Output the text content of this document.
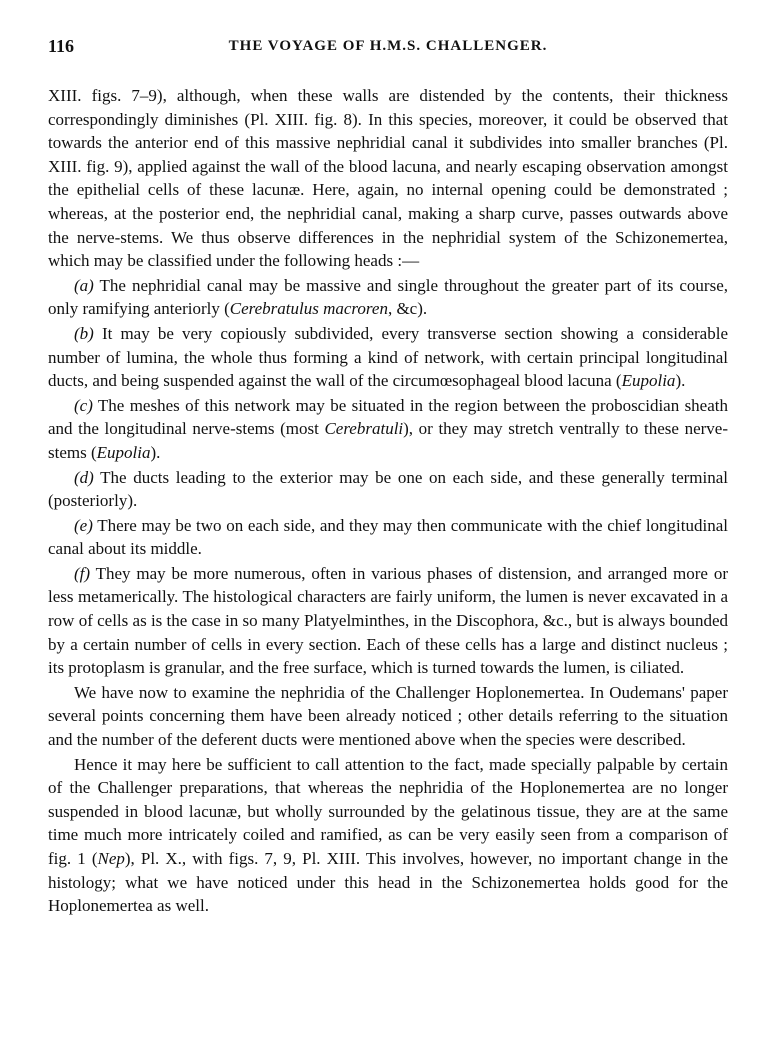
116	THE VOYAGE OF H.M.S. CHALLENGER.

XIII. figs. 7–9), although, when these walls are distended by the contents, their thickness correspondingly diminishes (Pl. XIII. fig. 8). In this species, moreover, it could be observed that towards the anterior end of this massive nephridial canal it subdivides into smaller branches (Pl. XIII. fig. 9), applied against the wall of the blood lacuna, and nearly escaping observation amongst the epithelial cells of these lacunæ. Here, again, no internal opening could be demonstrated ; whereas, at the posterior end, the nephridial canal, making a sharp curve, passes outwards above the nerve-stems. We thus observe differences in the nephridial system of the Schizonemertea, which may be classified under the following heads :—

(a) The nephridial canal may be massive and single throughout the greater part of its course, only ramifying anteriorly (Cerebratulus macroren, &c).

(b) It may be very copiously subdivided, every transverse section showing a considerable number of lumina, the whole thus forming a kind of network, with certain principal longitudinal ducts, and being suspended against the wall of the circumœsophageal blood lacuna (Eupolia).

(c) The meshes of this network may be situated in the region between the proboscidian sheath and the longitudinal nerve-stems (most Cerebratuli), or they may stretch ventrally to these nerve-stems (Eupolia).

(d) The ducts leading to the exterior may be one on each side, and these generally terminal (posteriorly).

(e) There may be two on each side, and they may then communicate with the chief longitudinal canal about its middle.

(f) They may be more numerous, often in various phases of distension, and arranged more or less metamerically. The histological characters are fairly uniform, the lumen is never excavated in a row of cells as is the case in so many Platyelminthes, in the Discophora, &c., but is always bounded by a certain number of cells in every section. Each of these cells has a large and distinct nucleus ; its protoplasm is granular, and the free surface, which is turned towards the lumen, is ciliated.

We have now to examine the nephridia of the Challenger Hoplonemertea. In Oudemans' paper several points concerning them have been already noticed ; other details referring to the situation and the number of the deferent ducts were mentioned above when the species were described.

Hence it may here be sufficient to call attention to the fact, made specially palpable by certain of the Challenger preparations, that whereas the nephridia of the Hoplonemertea are no longer suspended in blood lacunæ, but wholly surrounded by the gelatinous tissue, they are at the same time much more intricately coiled and ramified, as can be very easily seen from a comparison of fig. 1 (Nep), Pl. X., with figs. 7, 9, Pl. XIII. This involves, however, no important change in the histology; what we have noticed under this head in the Schizonemertea holds good for the Hoplonemertea as well.
